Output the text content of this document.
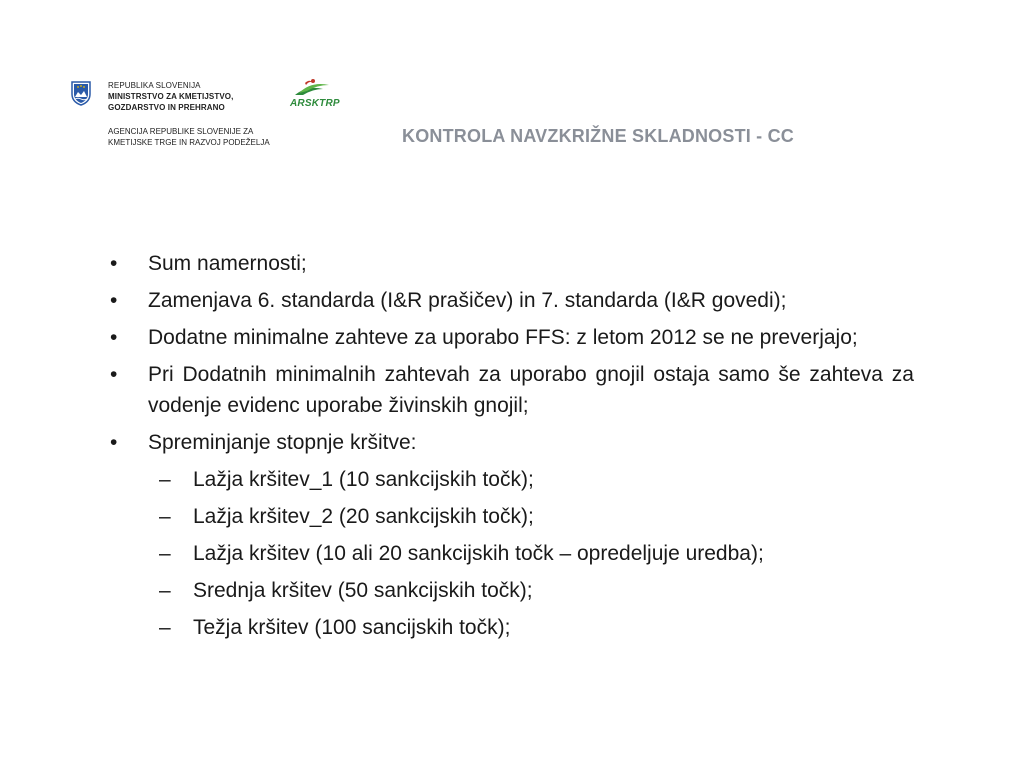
REPUBLIKA SLOVENIJA
MINISTRSTVO ZA KMETIJSTVO,
GOZDARSTVO IN PREHRANO	ARSKTRP
AGENCIJA REPUBLIKE SLOVENIJE ZA
KMETIJSKE TRGE IN RAZVOJ PODEŽELJA	KONTROLA NAVZKRIŽNE SKLADNOSTI - CC
• Sum namernosti;
• Zamenjava 6. standarda (I&R prašičev) in 7. standarda (I&R govedi);
• Dodatne minimalne zahteve za uporabo FFS: z letom 2012 se ne preverjajo;
• Pri Dodatnih minimalnih zahtevah za uporabo gnojil ostaja samo še zahteva za vodenje evidenc uporabe živinskih gnojil;
• Spreminjanje stopnje kršitve:
– Lažja kršitev_1 (10 sankcijskih točk);
– Lažja kršitev_2 (20 sankcijskih točk);
– Lažja kršitev (10 ali 20 sankcijskih točk – opredeljuje uredba);
– Srednja kršitev (50 sankcijskih točk);
– Težja kršitev (100 sancijskih točk);
